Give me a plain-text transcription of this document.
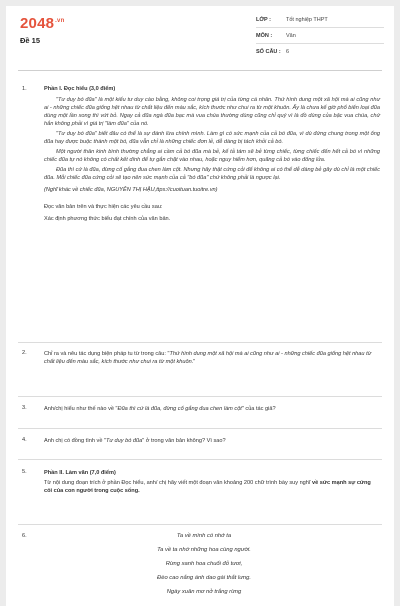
$2048^{.vn}$
Đề 15
LỚP :	Tốt nghiệp THPT
MÔN :	Văn
SỐ CÂU : 6
1.	Phần I. Đọc hiểu (3,0 điểm)
"Tư duy bó đũa" là một kiểu tư duy cào bằng, không coi trọng giá trị của từng cá nhân. Thứ hình dung một xã hội mà ai cũng như ai - những chiếc đũa giống hệt nhau từ chất liệu đến màu sắc, kích thước như chui ra từ một khuôn. Ấy là chưa kể giờ phổ biến loại đũa dùng một lần xong thì vứt bỏ. Ngay cả đũa ngà đũa bạc mà vua chúa thường dùng cũng chỉ quý vì là đồ dùng của bậc vua chúa, chứ hắn không phải vì giá trị "làm đũa" của nó.
"Tư duy bó đũa" biết đâu có thể là sự đánh lừa chính mình. Làm gì có sức mạnh của cả bó đũa, vì dù đứng chung trong một ống đũa hay được buộc thành một bó, đũa vẫn chỉ là những chiếc đơn lẻ, dễ dàng bị tách khỏi cả bó.
Một người thân kinh bình thường chẳng ai cầm cả bó đũa mà bẻ, kể tả tám sẽ bẻ từng chiếc, từng chiếc đến hết cả bó vì những chiếc đũa tự nó không có chất kết dính để tự gắn chặt vào nhau, hoặc nguy hiểm hơn, quăng cả bó vào đống lửa.
Đũa thì cứ là đũa, đừng cố gắng đua chen làm cột. Nhưng hãy thật cứng cỏi để không ai có thể dễ dàng bẻ gãy dù chỉ là một chiếc đũa. Mỗi chiếc đũa cứng cỏi sẽ tạo nên sức mạnh của cả "bó đũa" chứ không phải là ngược lại.
(Nghĩ khác về chiếc đũa, NGUYỄN THỊ HẬU,ttps://cuoituan.tuoitre.vn)
Đọc văn bản trên và thực hiện các yêu cầu sau:
Xác định phương thức biểu đạt chính của văn bản.
2.	Chỉ ra và nêu tác dụng biện pháp tu từ trong câu: "Thứ hình dung một xã hội mà ai cũng như ai - những chiếc đũa giống hệt nhau từ chất liệu đến màu sắc, kích thước như chui ra từ một khuôn."
3.	Anh/chị hiểu như thế nào về "Đũa thì cứ là đũa, đừng cố gắng đua chen làm cột" của tác giả?
4.	Anh chị có đồng tình về "Tư duy bó đũa" ở trong văn bản không? Vì sao?
5.	Phần II. Làm văn (7,0 điểm)
Từ nội dung đoạn trích ở phần Đọc hiểu, anh/ chị hãy viết một đoạn văn khoảng 200 chữ trình bày suy nghĩ về sức mạnh sự cứng cỏi của con người trong cuộc sống.
6.	Ta về mình có nhớ ta
Ta về ta nhớ những hoa cùng người.
Rừng xanh hoa chuối đỏ tươi,
Đèo cao nắng ánh dao gài thắt lưng.
Ngày xuân mơ nở trắng rừng
